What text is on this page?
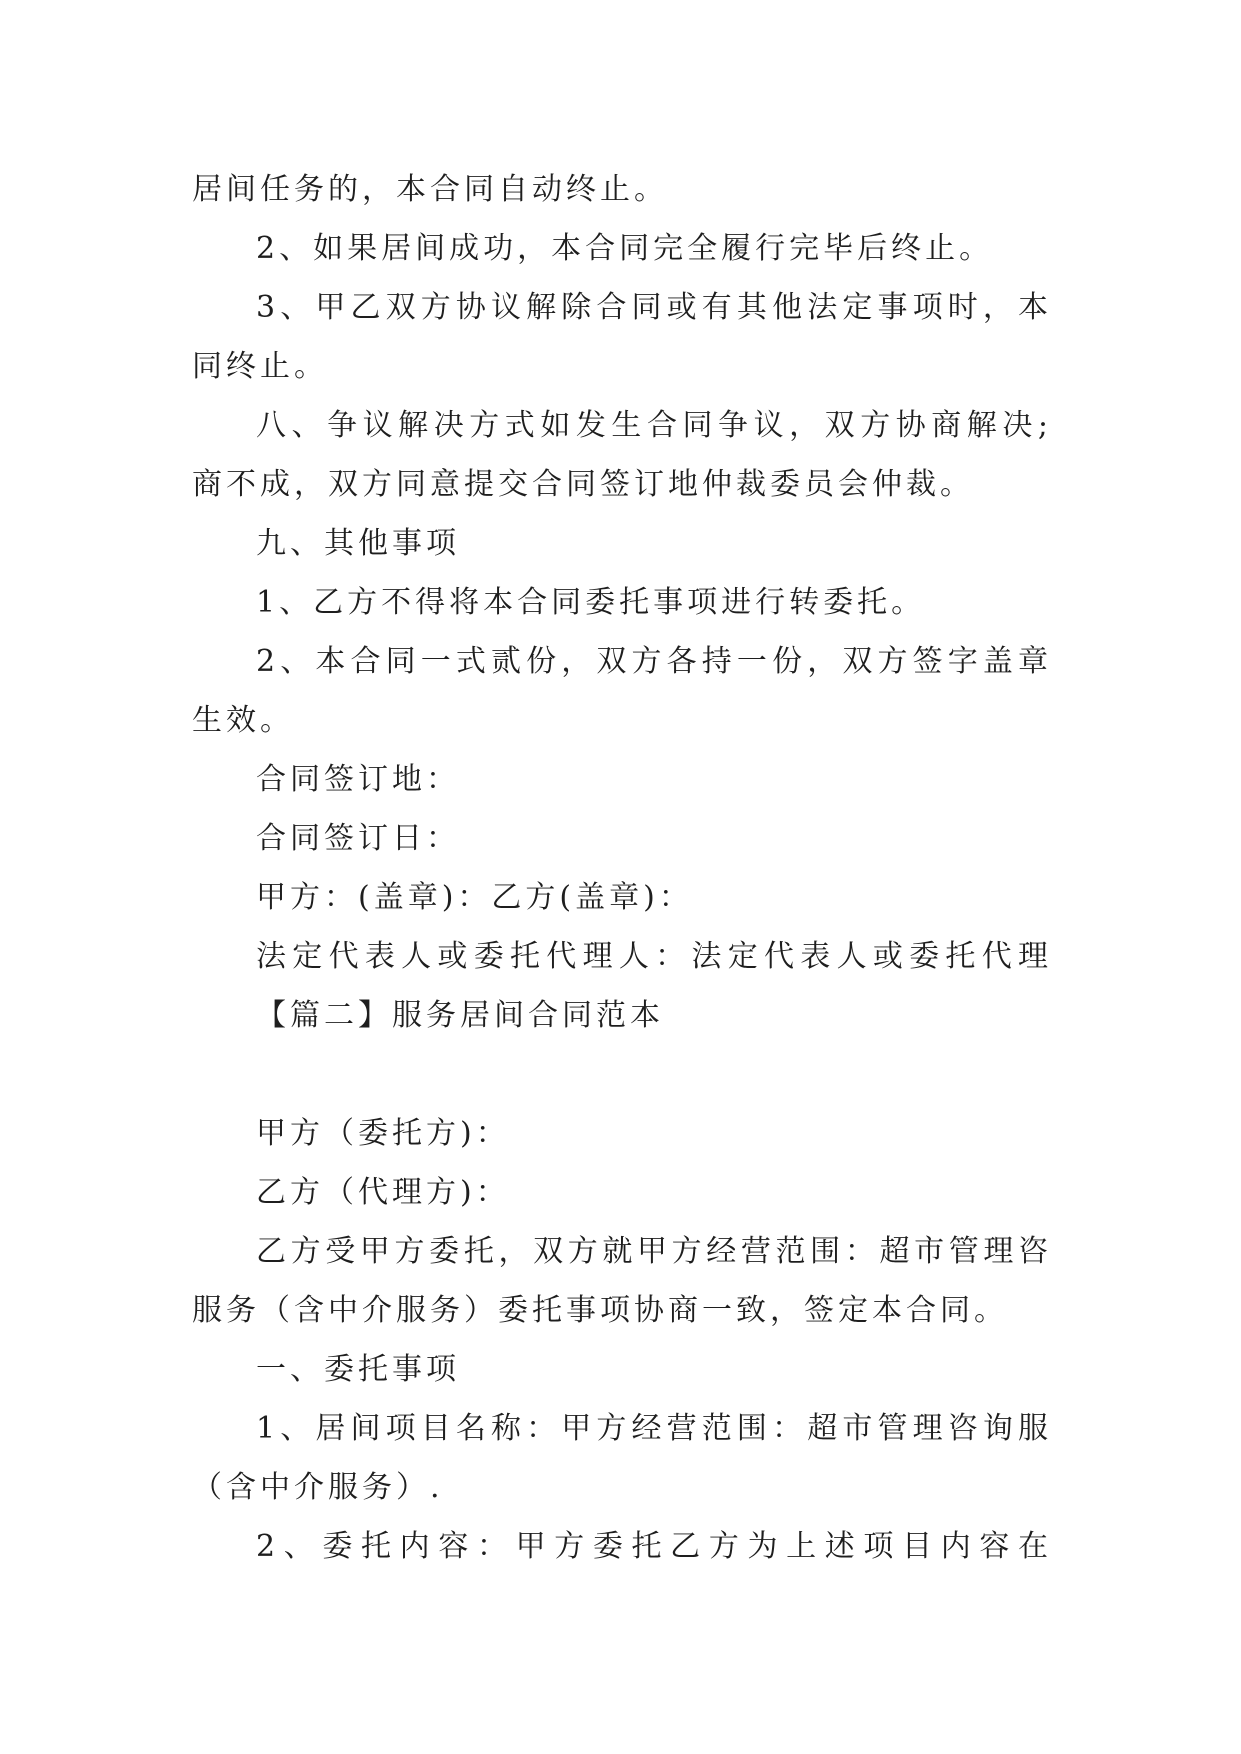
居间任务的，本合同自动终止。
2、如果居间成功，本合同完全履行完毕后终止。
3、甲乙双方协议解除合同或有其他法定事项时，本
同终止。
八、争议解决方式如发生合同争议，双方协商解决;
商不成，双方同意提交合同签订地仲裁委员会仲裁。
九、其他事项
1、乙方不得将本合同委托事项进行转委托。
2、本合同一式贰份，双方各持一份，双方签字盖章
生效。
合同签订地：
合同签订日：
甲方：(盖章)：乙方(盖章)：
法定代表人或委托代理人：法定代表人或委托代理
【篇二】服务居间合同范本
甲方（委托方)：
乙方（代理方)：
乙方受甲方委托，双方就甲方经营范围：超市管理咨
服务（含中介服务）委托事项协商一致，签定本合同。
一、委托事项
1、居间项目名称：甲方经营范围：超市管理咨询服
（含中介服务）.
2、委托内容：甲方委托乙方为上述项目内容在
